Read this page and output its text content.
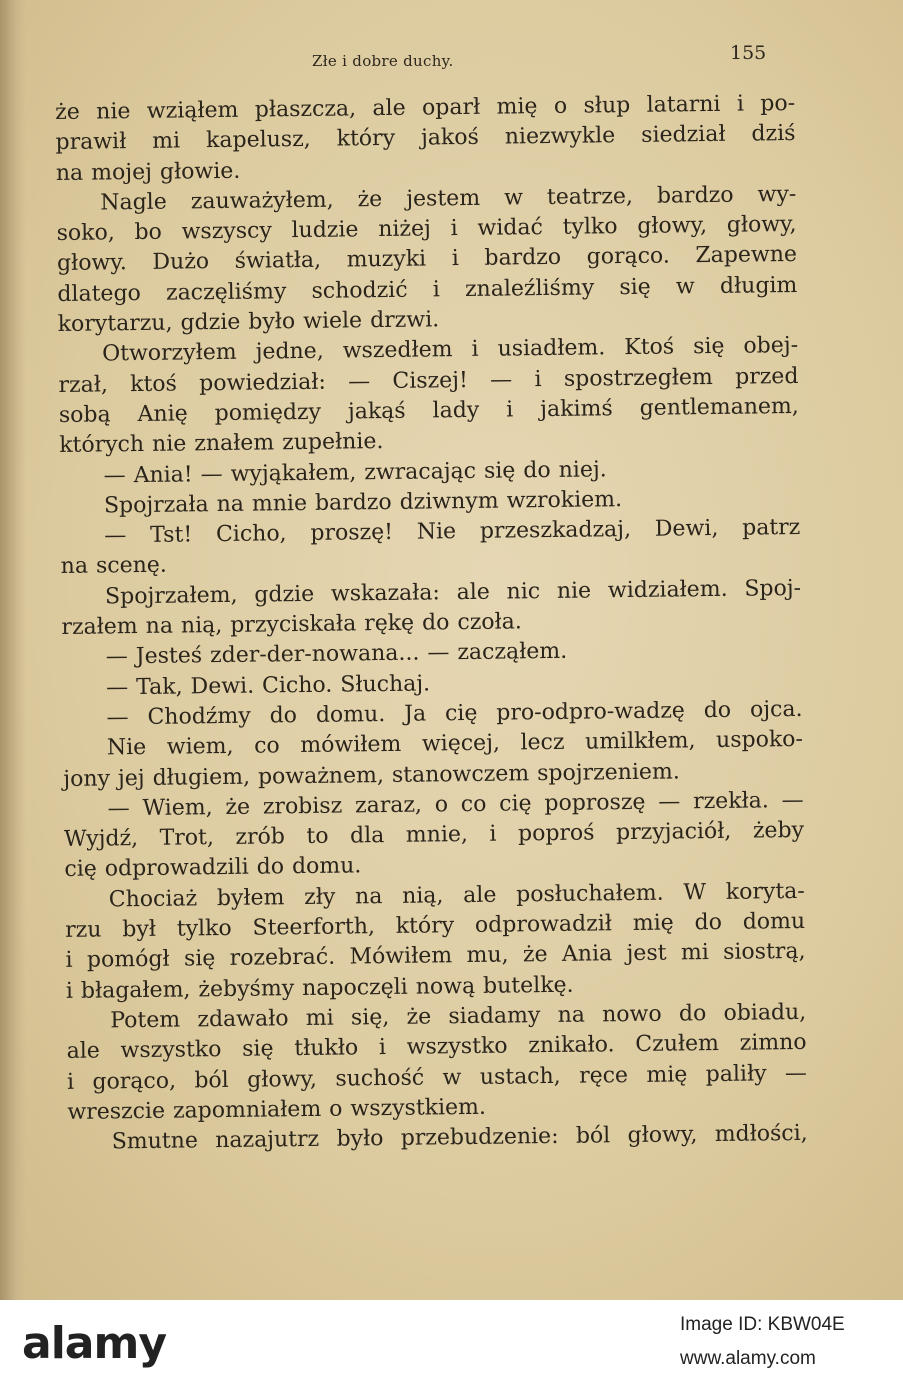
Złe i dobre duchy.	155
że nie wziąłem płaszcza, ale oparł mię o słup latarni i po-
prawił mi kapelusz, który jakoś niezwykle siedział dziś
na mojej głowie.
Nagle zauważyłem, że jestem w teatrze, bardzo wy-
soko, bo wszyscy ludzie niżej i widać tylko głowy, głowy,
głowy. Dużo światła, muzyki i bardzo gorąco. Zapewne
dlatego zaczęliśmy schodzić i znaleźliśmy się w długim
korytarzu, gdzie było wiele drzwi.
Otworzyłem jedne, wszedłem i usiadłem. Ktoś się obej-
rzał, ktoś powiedział: — Ciszej! — i spostrzegłem przed
sobą Anię pomiędzy jakąś lady i jakimś gentlemanem,
których nie znałem zupełnie.
— Ania! — wyjąkałem, zwracając się do niej.
Spojrzała na mnie bardzo dziwnym wzrokiem.
— Tst! Cicho, proszę! Nie przeszkadzaj, Dewi, patrz
na scenę.
Spojrzałem, gdzie wskazała: ale nic nie widziałem. Spoj-
rzałem na nią, przyciskała rękę do czoła.
— Jesteś zder-der-nowana... — zacząłem.
— Tak, Dewi. Cicho. Słuchaj.
— Chodźmy do domu. Ja cię pro-odpro-wadzę do ojca.
Nie wiem, co mówiłem więcej, lecz umilkłem, uspoko-
jony jej długiem, poważnem, stanowczem spojrzeniem.
— Wiem, że zrobisz zaraz, o co cię poproszę — rzekła. —
Wyjdź, Trot, zrób to dla mnie, i poproś przyjaciół, żeby
cię odprowadzili do domu.
Chociaż byłem zły na nią, ale posłuchałem. W koryta-
rzu był tylko Steerforth, który odprowadził mię do domu
i pomógł się rozebrać. Mówiłem mu, że Ania jest mi siostrą,
i błagałem, żebyśmy napoczęli nową butelkę.
Potem zdawało mi się, że siadamy na nowo do obiadu,
ale wszystko się tłukło i wszystko znikało. Czułem zimno
i gorąco, ból głowy, suchość w ustach, ręce mię paliły —
wreszcie zapomniałem o wszystkiem.
Smutne nazajutrz było przebudzenie: ból głowy, mdłości,
alamy	Image ID: KBW04E
www.alamy.com
